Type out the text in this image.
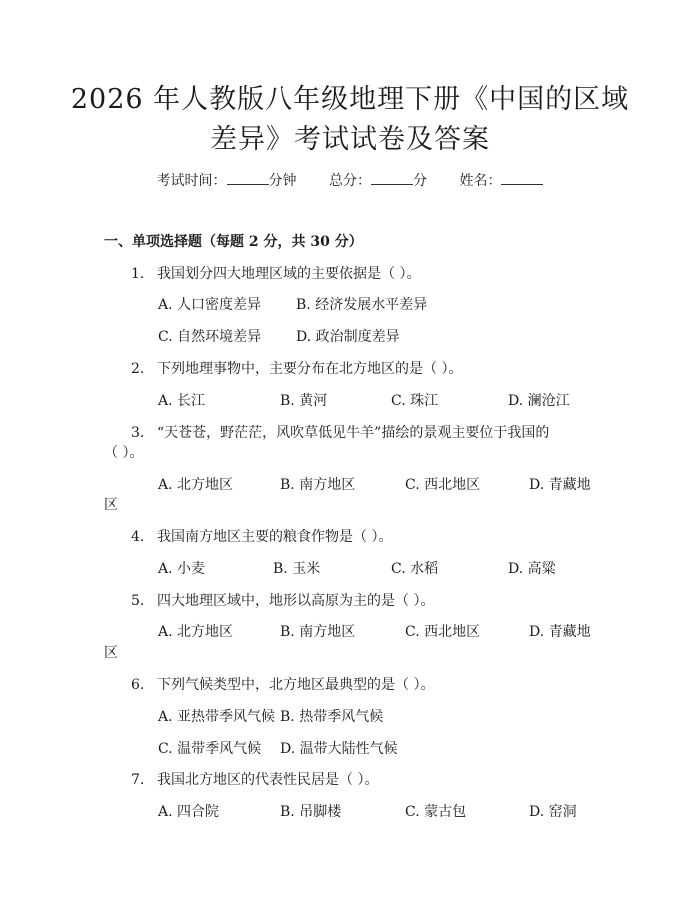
2026 年人教版八年级地理下册《中国的区域
差异》考试试卷及答案
考试时间：	分钟 总分：	分 姓名：
一、单项选择题（每题 2 分，共 30 分）
1. 我国划分四大地理区域的主要依据是（ ）。
A. 人口密度差异 B. 经济发展水平差异
C. 自然环境差异 D. 政治制度差异
2. 下列地理事物中，主要分布在北方地区的是（ ）。
A. 长江	B. 黄河	C. 珠江	D. 澜沧江
3. “天苍苍，野茫茫，风吹草低见牛羊”描绘的景观主要位于我国的
（ ）。
A. 北方地区	B. 南方地区	C. 西北地区	D. 青藏地
区
4. 我国南方地区主要的粮食作物是（ ）。
A. 小麦	B. 玉米	C. 水稻	D. 高粱
5. 四大地理区域中，地形以高原为主的是（ ）。
A. 北方地区	B. 南方地区	C. 西北地区	D. 青藏地
区
6. 下列气候类型中，北方地区最典型的是（ ）。
A. 亚热带季风气候 B. 热带季风气候
C. 温带季风气候 D. 温带大陆性气候
7. 我国北方地区的代表性民居是（ ）。
A. 四合院	B. 吊脚楼	C. 蒙古包	D. 窑洞
